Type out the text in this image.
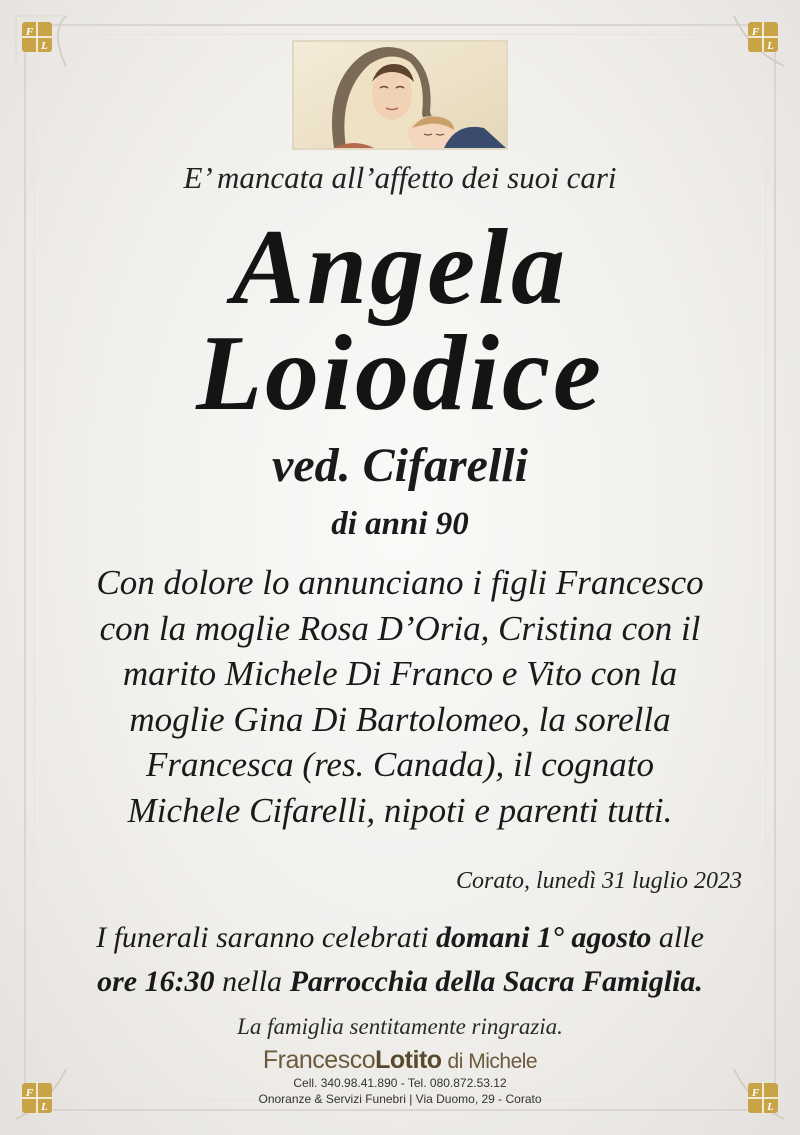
F
L
F
L
F
L
F
L
E’ mancata all’affetto dei suoi cari
Angela
Loiodice
ved. Cifarelli
di anni 90
Con dolore lo annunciano i figli Francesco
con la moglie Rosa D’Oria, Cristina con il
marito Michele Di Franco e Vito con la
moglie Gina Di Bartolomeo, la sorella
Francesca (res. Canada), il cognato
Michele Cifarelli, nipoti e parenti tutti.
Corato, lunedì 31 luglio 2023
I funerali saranno celebrati domani 1° agosto alle
ore 16:30 nella Parrocchia della Sacra Famiglia.
La famiglia sentitamente ringrazia.
FrancescoLotito di Michele
Cell. 340.98.41.890 - Tel. 080.872.53.12
Onoranze & Servizi Funebri | Via Duomo, 29 - Corato
